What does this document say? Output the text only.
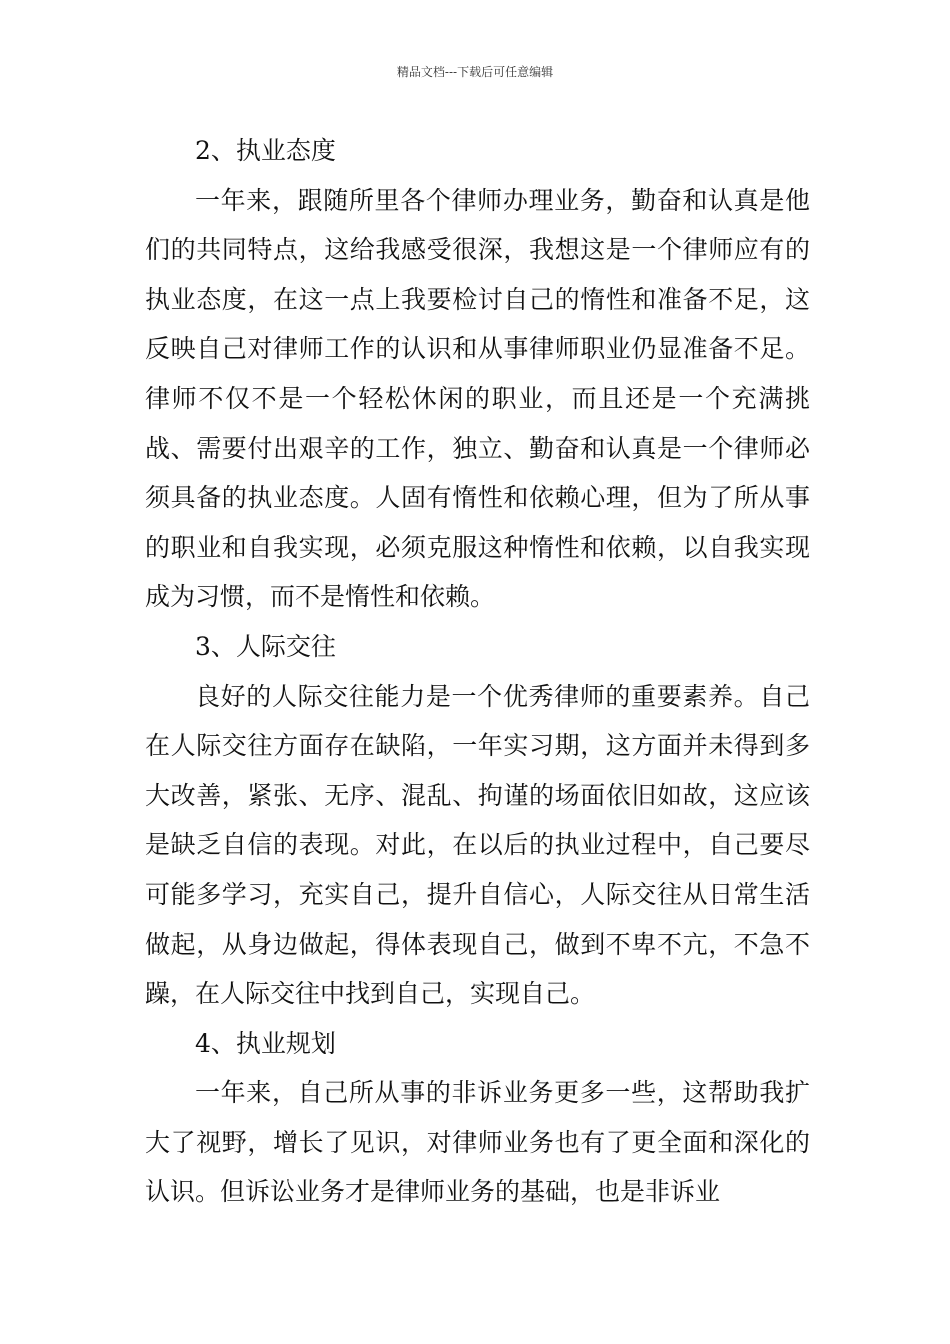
精品文档---下载后可任意编辑

2、执业态度

一年来，跟随所里各个律师办理业务，勤奋和认真是他们的共同特点，这给我感受很深，我想这是一个律师应有的执业态度，在这一点上我要检讨自己的惰性和准备不足，这反映自己对律师工作的认识和从事律师职业仍显准备不足。律师不仅不是一个轻松休闲的职业，而且还是一个充满挑战、需要付出艰辛的工作，独立、勤奋和认真是一个律师必须具备的执业态度。人固有惰性和依赖心理，但为了所从事的职业和自我实现，必须克服这种惰性和依赖，以自我实现成为习惯，而不是惰性和依赖。

3、人际交往

良好的人际交往能力是一个优秀律师的重要素养。自己在人际交往方面存在缺陷，一年实习期，这方面并未得到多大改善，紧张、无序、混乱、拘谨的场面依旧如故，这应该是缺乏自信的表现。对此，在以后的执业过程中，自己要尽可能多学习，充实自己，提升自信心，人际交往从日常生活做起，从身边做起，得体表现自己，做到不卑不亢，不急不躁，在人际交往中找到自己，实现自己。

4、执业规划

一年来，自己所从事的非诉业务更多一些，这帮助我扩大了视野，增长了见识，对律师业务也有了更全面和深化的认识。但诉讼业务才是律师业务的基础，也是非诉业
